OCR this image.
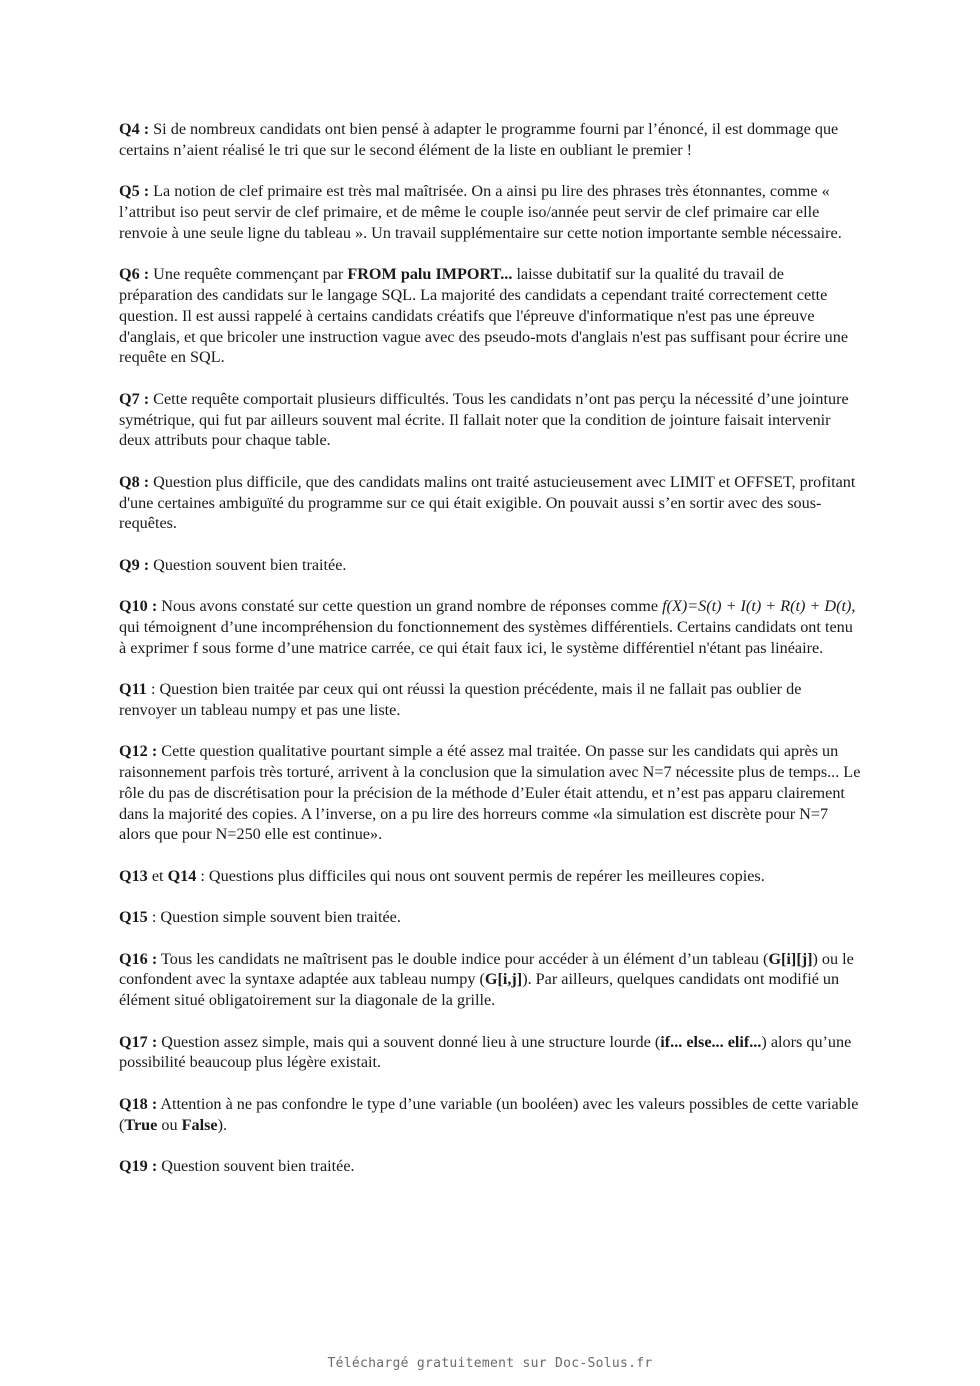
Q4 : Si de nombreux candidats ont bien pensé à adapter le programme fourni par l’énoncé, il est dommage que certains n’aient réalisé le tri que sur le second élément de la liste en oubliant le premier !

Q5 : La notion de clef primaire est très mal maîtrisée. On a ainsi pu lire des phrases très étonnantes, comme « l’attribut iso peut servir de clef primaire, et de même le couple iso/année peut servir de clef primaire car elle renvoie à une seule ligne du tableau ». Un travail supplémentaire sur cette notion importante semble nécessaire.

Q6 : Une requête commençant par FROM palu IMPORT... laisse dubitatif sur la qualité du travail de préparation des candidats sur le langage SQL. La majorité des candidats a cependant traité correctement cette question. Il est aussi rappelé à certains candidats créatifs que l'épreuve d'informatique n'est pas une épreuve d'anglais, et que bricoler une instruction vague avec des pseudo-mots d'anglais n'est pas suffisant pour écrire une requête en SQL.

Q7 : Cette requête comportait plusieurs difficultés. Tous les candidats n’ont pas perçu la nécessité d’une jointure symétrique, qui fut par ailleurs souvent mal écrite. Il fallait noter que la condition de jointure faisait intervenir deux attributs pour chaque table.

Q8 : Question plus difficile, que des candidats malins ont traité astucieusement avec LIMIT et OFFSET, profitant d'une certaines ambiguïté du programme sur ce qui était exigible. On pouvait aussi s’en sortir avec des sous-requêtes.

Q9 : Question souvent bien traitée.

Q10 : Nous avons constaté sur cette question un grand nombre de réponses comme f(X)=S(t) + I(t) + R(t) + D(t), qui témoignent d’une incompréhension du fonctionnement des systèmes différentiels. Certains candidats ont tenu à exprimer f sous forme d’une matrice carrée, ce qui était faux ici, le système différentiel n'étant pas linéaire.

Q11 : Question bien traitée par ceux qui ont réussi la question précédente, mais il ne fallait pas oublier de renvoyer un tableau numpy et pas une liste.

Q12 : Cette question qualitative pourtant simple a été assez mal traitée. On passe sur les candidats qui après un raisonnement parfois très torturé, arrivent à la conclusion que la simulation avec N=7 nécessite plus de temps... Le rôle du pas de discrétisation pour la précision de la méthode d’Euler était attendu, et n’est pas apparu clairement dans la majorité des copies. A l’inverse, on a pu lire des horreurs comme «la simulation est discrète pour N=7 alors que pour N=250 elle est continue».

Q13 et Q14 : Questions plus difficiles qui nous ont souvent permis de repérer les meilleures copies.

Q15 : Question simple souvent bien traitée.

Q16 : Tous les candidats ne maîtrisent pas le double indice pour accéder à un élément d’un tableau (G[i][j]) ou le confondent avec la syntaxe adaptée aux tableau numpy (G[i,j]). Par ailleurs, quelques candidats ont modifié un élément situé obligatoirement sur la diagonale de la grille.

Q17 : Question assez simple, mais qui a souvent donné lieu à une structure lourde (if... else... elif...) alors qu’une possibilité beaucoup plus légère existait.

Q18 : Attention à ne pas confondre le type d’une variable (un booléen) avec les valeurs possibles de cette variable (True ou False).

Q19 : Question souvent bien traitée.

Téléchargé gratuitement sur Doc-Solus.fr
